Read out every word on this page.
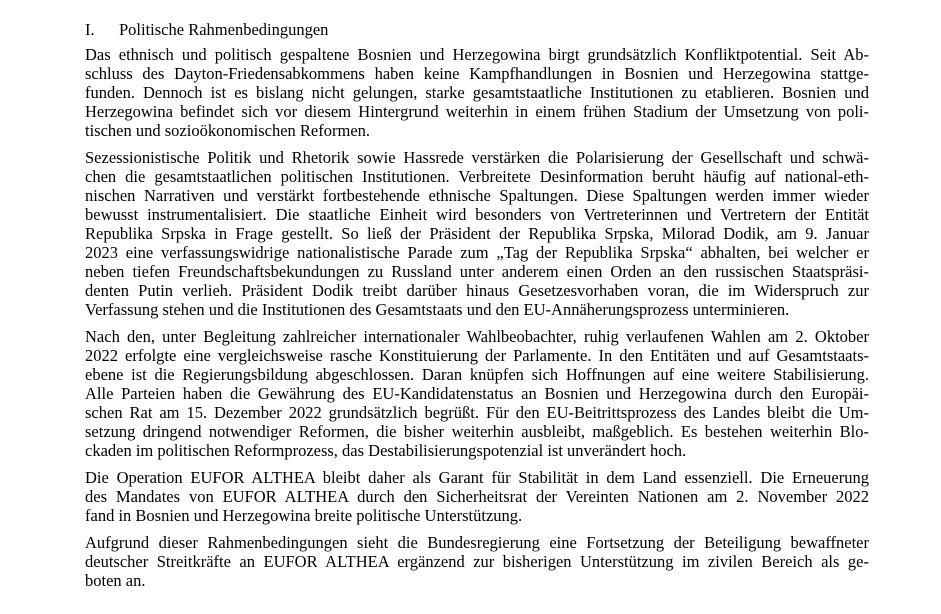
I.	Politische Rahmenbedingungen
Das ethnisch und politisch gespaltene Bosnien und Herzegowina birgt grundsätzlich Konfliktpotential. Seit Ab-
schluss des Dayton-Friedensabkommens haben keine Kampfhandlungen in Bosnien und Herzegowina stattge-
funden. Dennoch ist es bislang nicht gelungen, starke gesamtstaatliche Institutionen zu etablieren. Bosnien und
Herzegowina befindet sich vor diesem Hintergrund weiterhin in einem frühen Stadium der Umsetzung von poli-
tischen und sozioökonomischen Reformen.
Sezessionistische Politik und Rhetorik sowie Hassrede verstärken die Polarisierung der Gesellschaft und schwä-
chen die gesamtstaatlichen politischen Institutionen. Verbreitete Desinformation beruht häufig auf national-eth-
nischen Narrativen und verstärkt fortbestehende ethnische Spaltungen. Diese Spaltungen werden immer wieder
bewusst instrumentalisiert. Die staatliche Einheit wird besonders von Vertreterinnen und Vertretern der Entität
Republika Srpska in Frage gestellt. So ließ der Präsident der Republika Srpska, Milorad Dodik, am 9. Januar
2023 eine verfassungswidrige nationalistische Parade zum „Tag der Republika Srpska“ abhalten, bei welcher er
neben tiefen Freundschaftsbekundungen zu Russland unter anderem einen Orden an den russischen Staatspräsi-
denten Putin verlieh. Präsident Dodik treibt darüber hinaus Gesetzesvorhaben voran, die im Widerspruch zur
Verfassung stehen und die Institutionen des Gesamtstaats und den EU-Annäherungsprozess unterminieren.
Nach den, unter Begleitung zahlreicher internationaler Wahlbeobachter, ruhig verlaufenen Wahlen am 2. Oktober
2022 erfolgte eine vergleichsweise rasche Konstituierung der Parlamente. In den Entitäten und auf Gesamtstaats-
ebene ist die Regierungsbildung abgeschlossen. Daran knüpfen sich Hoffnungen auf eine weitere Stabilisierung.
Alle Parteien haben die Gewährung des EU-Kandidatenstatus an Bosnien und Herzegowina durch den Europäi-
schen Rat am 15. Dezember 2022 grundsätzlich begrüßt. Für den EU-Beitrittsprozess des Landes bleibt die Um-
setzung dringend notwendiger Reformen, die bisher weiterhin ausbleibt, maßgeblich. Es bestehen weiterhin Blo-
ckaden im politischen Reformprozess, das Destabilisierungspotenzial ist unverändert hoch.
Die Operation EUFOR ALTHEA bleibt daher als Garant für Stabilität in dem Land essenziell. Die Erneuerung
des Mandates von EUFOR ALTHEA durch den Sicherheitsrat der Vereinten Nationen am 2. November 2022
fand in Bosnien und Herzegowina breite politische Unterstützung.
Aufgrund dieser Rahmenbedingungen sieht die Bundesregierung eine Fortsetzung der Beteiligung bewaffneter
deutscher Streitkräfte an EUFOR ALTHEA ergänzend zur bisherigen Unterstützung im zivilen Bereich als ge-
boten an.
